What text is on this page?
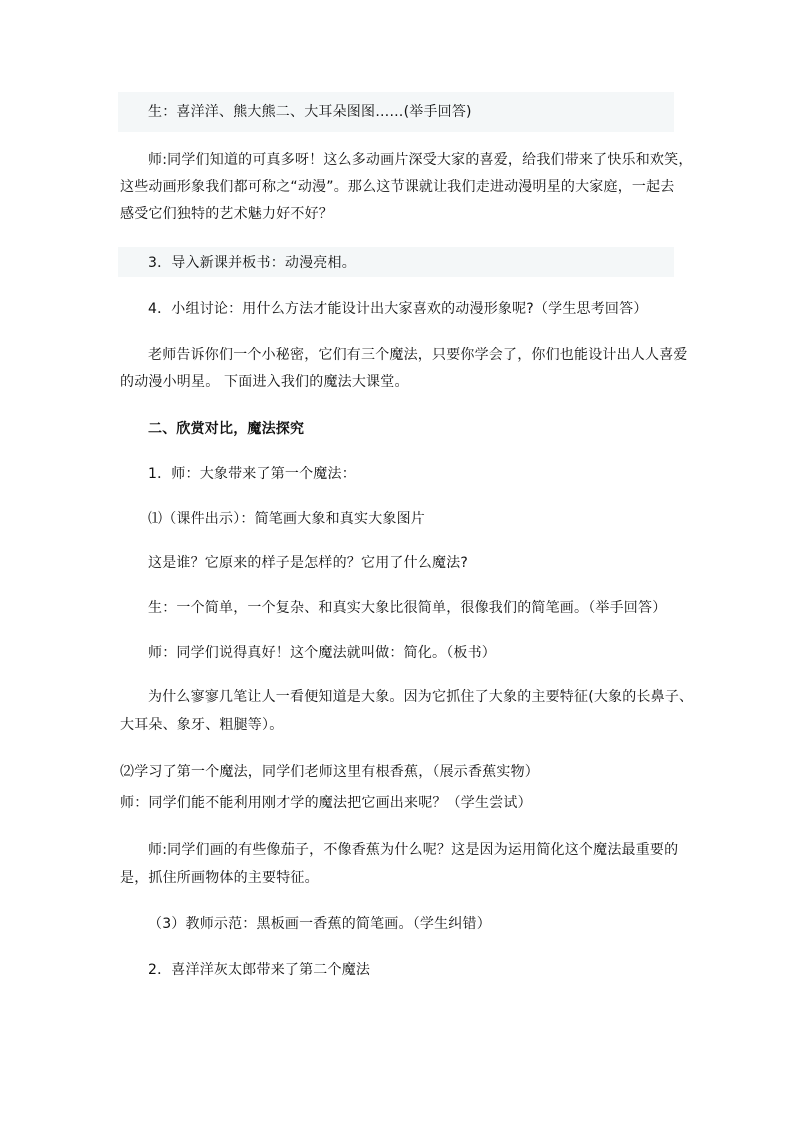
生：喜洋洋、熊大熊二、大耳朵图图……(举手回答)
师:同学们知道的可真多呀！这么多动画片深受大家的喜爱，给我们带来了快乐和欢笑，
这些动画形象我们都可称之“动漫”。那么这节课就让我们走进动漫明星的大家庭，一起去
感受它们独特的艺术魅力好不好？
3．导入新课并板书：动漫亮相。
4．小组讨论：用什么方法才能设计出大家喜欢的动漫形象呢?（学生思考回答）
老师告诉你们一个小秘密，它们有三个魔法，只要你学会了，你们也能设计出人人喜爱
的动漫小明星。 下面进入我们的魔法大课堂。
二、欣赏对比，魔法探究
1．师：大象带来了第一个魔法：
⑴（课件出示）：简笔画大象和真实大象图片
这是谁？它原来的样子是怎样的？它用了什么魔法?
生：一个简单，一个复杂、和真实大象比很简单，很像我们的简笔画。（举手回答）
师：同学们说得真好！这个魔法就叫做：简化。（板书）
为什么寥寥几笔让人一看便知道是大象。因为它抓住了大象的主要特征(大象的长鼻子、
大耳朵、象牙、粗腿等）。
⑵学习了第一个魔法，同学们老师这里有根香蕉，（展示香蕉实物）
师：同学们能不能利用刚才学的魔法把它画出来呢？（学生尝试）
师:同学们画的有些像茄子，不像香蕉为什么呢？这是因为运用简化这个魔法最重要的
是，抓住所画物体的主要特征。
（3）教师示范：黑板画一香蕉的简笔画。（学生纠错）
2．喜洋洋灰太郎带来了第二个魔法
